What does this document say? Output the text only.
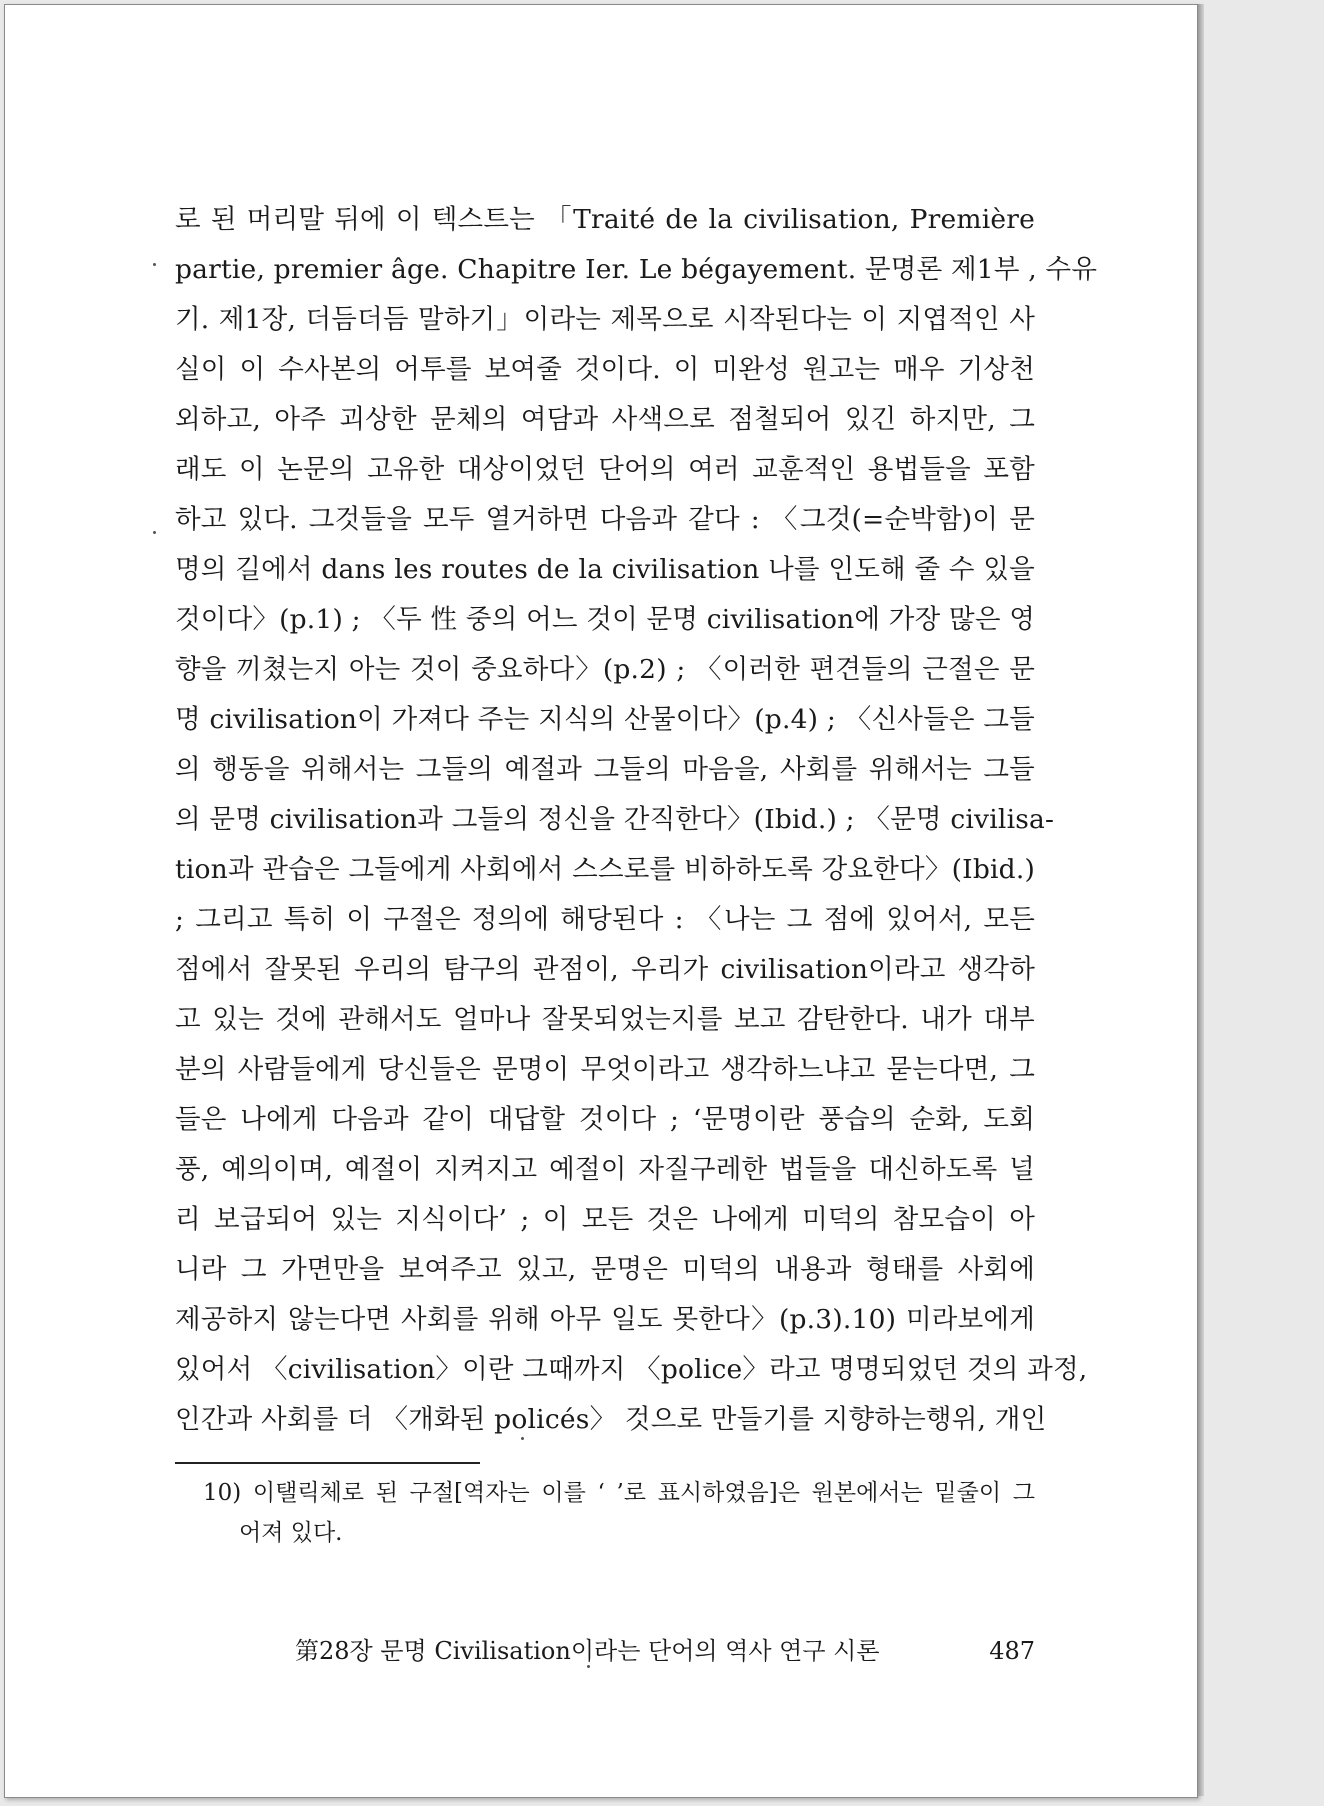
로 된 머리말 뒤에 이 텍스트는 「Traité de la civilisation, Première
partie, premier âge. Chapitre Ier. Le bégayement. 문명론 제1부 , 수유
기. 제1장, 더듬더듬 말하기」이라는 제목으로 시작된다는 이 지엽적인 사
실이 이 수사본의 어투를 보여줄 것이다. 이 미완성 원고는 매우 기상천
외하고, 아주 괴상한 문체의 여담과 사색으로 점철되어 있긴 하지만, 그
래도 이 논문의 고유한 대상이었던 단어의 여러 교훈적인 용법들을 포함
하고 있다. 그것들을 모두 열거하면 다음과 같다 : 〈그것(=순박함)이 문
명의 길에서 dans les routes de la civilisation 나를 인도해 줄 수 있을
것이다〉(p.1) ; 〈두 性 중의 어느 것이 문명 civilisation에 가장 많은 영
향을 끼쳤는지 아는 것이 중요하다〉(p.2) ; 〈이러한 편견들의 근절은 문
명 civilisation이 가져다 주는 지식의 산물이다〉(p.4) ; 〈신사들은 그들
의 행동을 위해서는 그들의 예절과 그들의 마음을, 사회를 위해서는 그들
의 문명 civilisation과 그들의 정신을 간직한다〉(Ibid.) ; 〈문명 civilisa-
tion과 관습은 그들에게 사회에서 스스로를 비하하도록 강요한다〉(Ibid.)
; 그리고 특히 이 구절은 정의에 해당된다 : 〈나는 그 점에 있어서, 모든
점에서 잘못된 우리의 탐구의 관점이, 우리가 civilisation이라고 생각하
고 있는 것에 관해서도 얼마나 잘못되었는지를 보고 감탄한다. 내가 대부
분의 사람들에게 당신들은 문명이 무엇이라고 생각하느냐고 묻는다면, 그
들은 나에게 다음과 같이 대답할 것이다 ; ‘문명이란 풍습의 순화, 도회
풍, 예의이며, 예절이 지켜지고 예절이 자질구레한 법들을 대신하도록 널
리 보급되어 있는 지식이다’ ; 이 모든 것은 나에게 미덕의 참모습이 아
니라 그 가면만을 보여주고 있고, 문명은 미덕의 내용과 형태를 사회에
제공하지 않는다면 사회를 위해 아무 일도 못한다〉(p.3).10) 미라보에게
있어서 〈civilisation〉이란 그때까지 〈police〉라고 명명되었던 것의 과정,
인간과 사회를 더 〈개화된 policés〉 것으로 만들기를 지향하는행위, 개인
10) 이탤릭체로 된 구절[역자는 이를 ‘ ’로 표시하였음]은 원본에서는 밑줄이 그
어져 있다.
第28장 문명 Civilisation이라는 단어의 역사 연구 시론	487
